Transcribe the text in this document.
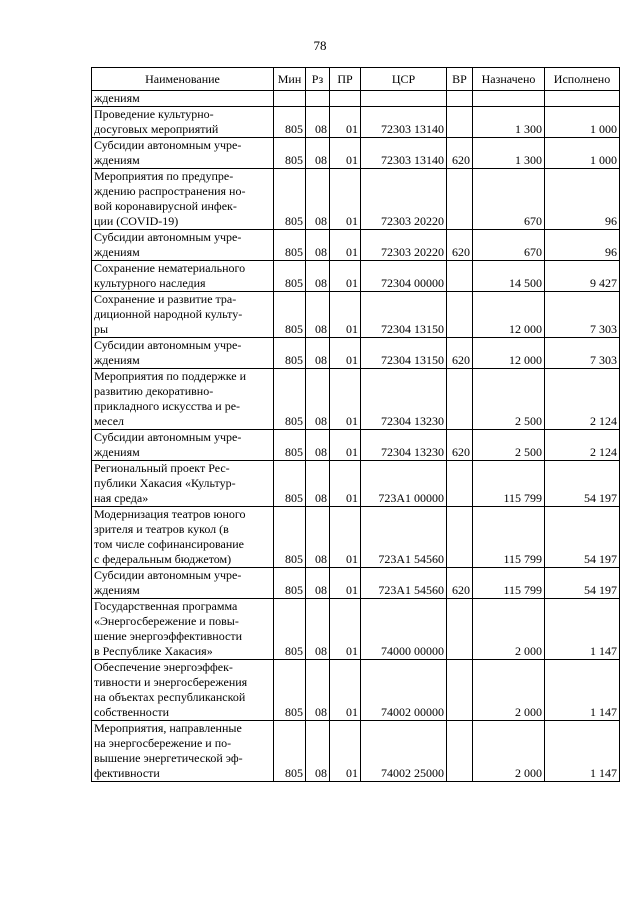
78
Наименование	Мин	Рз	ПР	ЦСР	ВР	Назначено	Исполнено
ждениям							
Проведение культурно-
досуговых мероприятий	805	08	01	72303 13140		1 300	1 000
Субсидии автономным учре-
ждениям	805	08	01	72303 13140	620	1 300	1 000
Мероприятия по предупре-
ждению распространения но-
вой коронавирусной инфек-
ции (COVID-19)	805	08	01	72303 20220		670	96
Субсидии автономным учре-
ждениям	805	08	01	72303 20220	620	670	96
Сохранение нематериального
культурного наследия	805	08	01	72304 00000		14 500	9 427
Сохранение и развитие тра-
диционной народной культу-
ры	805	08	01	72304 13150		12 000	7 303
Субсидии автономным учре-
ждениям	805	08	01	72304 13150	620	12 000	7 303
Мероприятия по поддержке и
развитию декоративно-
прикладного искусства и ре-
месел	805	08	01	72304 13230		2 500	2 124
Субсидии автономным учре-
ждениям	805	08	01	72304 13230	620	2 500	2 124
Региональный проект Рес-
публики Хакасия «Культур-
ная среда»	805	08	01	723А1 00000		115 799	54 197
Модернизация театров юного
зрителя и театров кукол (в
том числе софинансирование
с федеральным бюджетом)	805	08	01	723А1 54560		115 799	54 197
Субсидии автономным учре-
ждениям	805	08	01	723А1 54560	620	115 799	54 197
Государственная программа
«Энергосбережение и повы-
шение энергоэффективности
в Республике Хакасия»	805	08	01	74000 00000		2 000	1 147
Обеспечение энергоэффек-
тивности и энергосбережения
на объектах республиканской
собственности	805	08	01	74002 00000		2 000	1 147
Мероприятия, направленные
на энергосбережение и по-
вышение энергетической эф-
фективности	805	08	01	74002 25000		2 000	1 147
